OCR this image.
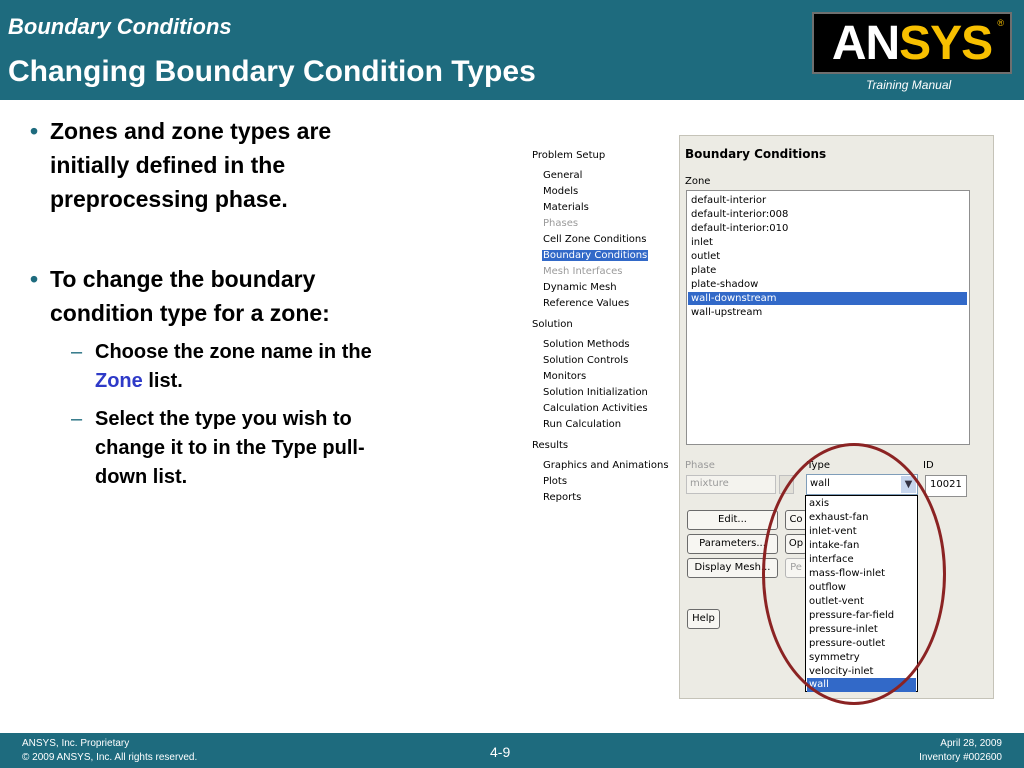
Boundary Conditions
Changing Boundary Condition Types
ANSYS ®
Training Manual
• Zones and zone types are
initially defined in the
preprocessing phase.
• To change the boundary
condition type for a zone:
– Choose the zone name in the
Zone list.
– Select the type you wish to
change it to in the Type pull-
down list.
Problem Setup
General
Models
Materials
Phases
Cell Zone Conditions
Boundary Conditions
Mesh Interfaces
Dynamic Mesh
Reference Values
Solution
Solution Methods
Solution Controls
Monitors
Solution Initialization
Calculation Activities
Run Calculation
Results
Graphics and Animations
Plots
Reports
Boundary Conditions
Zone
default-interior
default-interior:008
default-interior:010
inlet
outlet
plate
plate-shadow
wall-downstream
wall-upstream
Phase
mixture
Type
wall	▼
ID
10021
Edit...	Co
Parameters...	Op
Display Mesh...	Pe
Help
axis
exhaust-fan
inlet-vent
intake-fan
interface
mass-flow-inlet
outflow
outlet-vent
pressure-far-field
pressure-inlet
pressure-outlet
symmetry
velocity-inlet
wall
ANSYS, Inc. Proprietary
© 2009 ANSYS, Inc. All rights reserved.	4-9
April 28, 2009
Inventory #002600
